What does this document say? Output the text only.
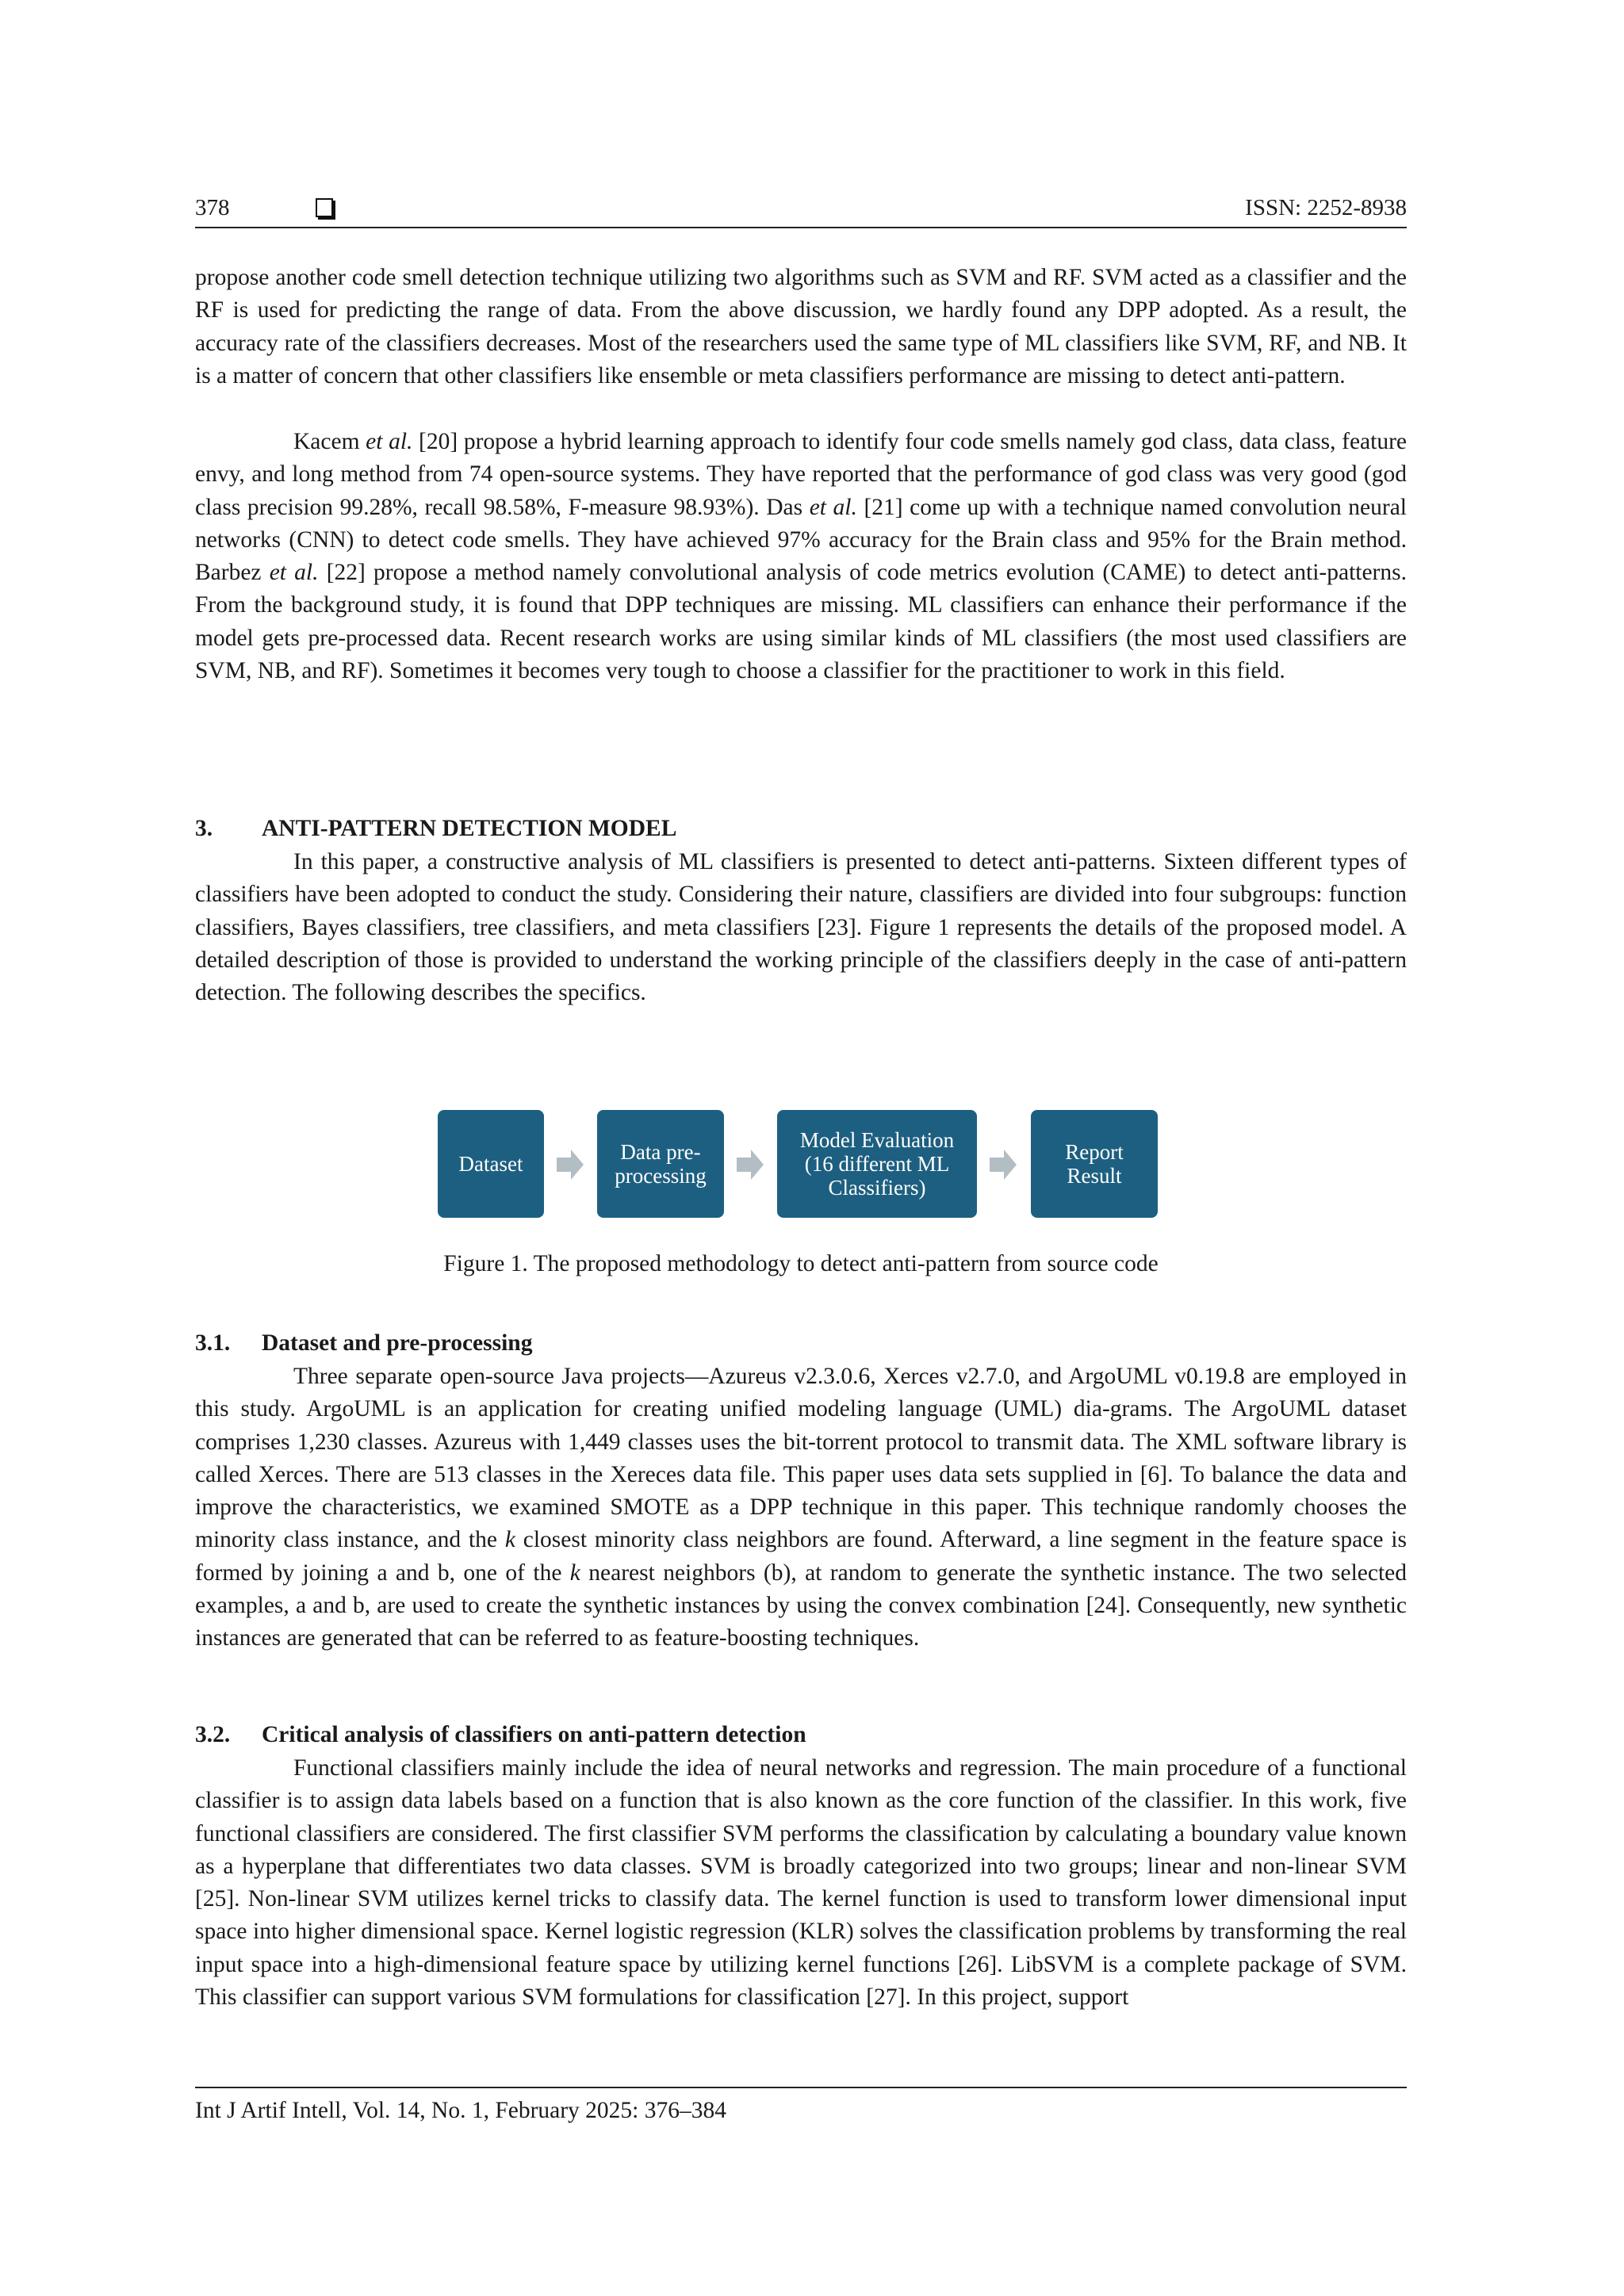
378	ISSN: 2252-8938

propose another code smell detection technique utilizing two algorithms such as SVM and RF. SVM acted as a classifier and the RF is used for predicting the range of data. From the above discussion, we hardly found any DPP adopted. As a result, the accuracy rate of the classifiers decreases. Most of the researchers used the same type of ML classifiers like SVM, RF, and NB. It is a matter of concern that other classifiers like ensemble or meta classifiers performance are missing to detect anti-pattern.

Kacem et al. [20] propose a hybrid learning approach to identify four code smells namely god class, data class, feature envy, and long method from 74 open-source systems. They have reported that the performance of god class was very good (god class precision 99.28%, recall 98.58%, F-measure 98.93%). Das et al. [21] come up with a technique named convolution neural networks (CNN) to detect code smells. They have achieved 97% accuracy for the Brain class and 95% for the Brain method. Barbez et al. [22] propose a method namely convolutional analysis of code metrics evolution (CAME) to detect anti-patterns. From the background study, it is found that DPP techniques are missing. ML classifiers can enhance their performance if the model gets pre-processed data. Recent research works are using similar kinds of ML classifiers (the most used classifiers are SVM, NB, and RF). Sometimes it becomes very tough to choose a classifier for the practitioner to work in this field.

3. ANTI-PATTERN DETECTION MODEL

In this paper, a constructive analysis of ML classifiers is presented to detect anti-patterns. Sixteen different types of classifiers have been adopted to conduct the study. Considering their nature, classifiers are divided into four subgroups: function classifiers, Bayes classifiers, tree classifiers, and meta classifiers [23]. Figure 1 represents the details of the proposed model. A detailed description of those is provided to understand the working principle of the classifiers deeply in the case of anti-pattern detection. The following describes the specifics.

Dataset	Data pre-
processing
Model Evaluation
(16 different ML
Classifiers)
Report
Result
Figure 1. The proposed methodology to detect anti-pattern from source code
3.1. Dataset and pre-processing

Three separate open-source Java projects—Azureus v2.3.0.6, Xerces v2.7.0, and ArgoUML v0.19.8 are employed in this study. ArgoUML is an application for creating unified modeling language (UML) dia-grams. The ArgoUML dataset comprises 1,230 classes. Azureus with 1,449 classes uses the bit-torrent protocol to transmit data. The XML software library is called Xerces. There are 513 classes in the Xereces data file. This paper uses data sets supplied in [6]. To balance the data and improve the characteristics, we examined SMOTE as a DPP technique in this paper. This technique randomly chooses the minority class instance, and the k closest minority class neighbors are found. Afterward, a line segment in the feature space is formed by joining a and b, one of the k nearest neighbors (b), at random to generate the synthetic instance. The two selected examples, a and b, are used to create the synthetic instances by using the convex combination [24]. Consequently, new synthetic instances are generated that can be referred to as feature-boosting techniques.

3.2. Critical analysis of classifiers on anti-pattern detection

Functional classifiers mainly include the idea of neural networks and regression. The main procedure of a functional classifier is to assign data labels based on a function that is also known as the core function of the classifier. In this work, five functional classifiers are considered. The first classifier SVM performs the classification by calculating a boundary value known as a hyperplane that differentiates two data classes. SVM is broadly categorized into two groups; linear and non-linear SVM [25]. Non-linear SVM utilizes kernel tricks to classify data. The kernel function is used to transform lower dimensional input space into higher dimensional space. Kernel logistic regression (KLR) solves the classification problems by transforming the real input space into a high-dimensional feature space by utilizing kernel functions [26]. LibSVM is a complete package of SVM. This classifier can support various SVM formulations for classification [27]. In this project, support

Int J Artif Intell, Vol. 14, No. 1, February 2025: 376–384
